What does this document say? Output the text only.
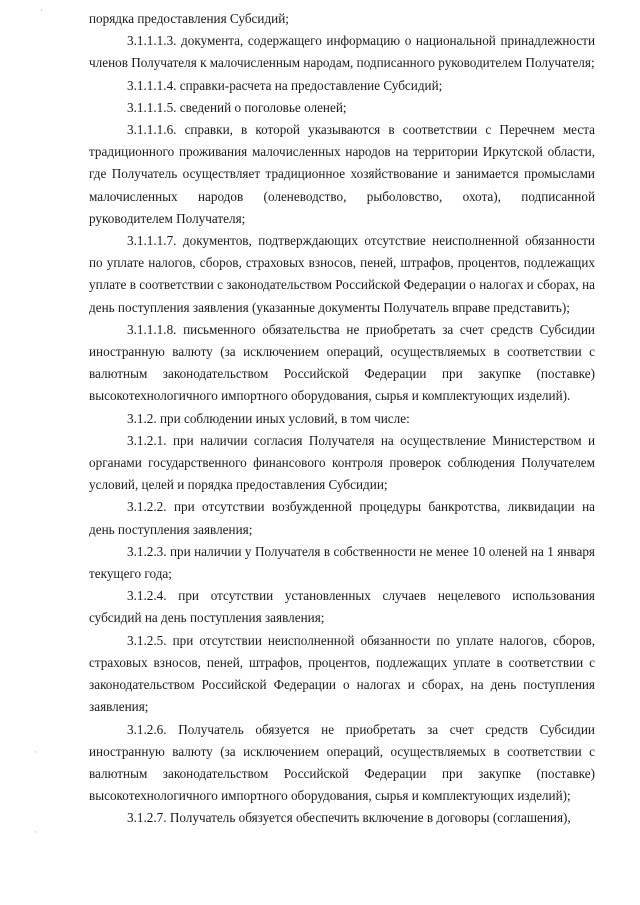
·
·
·

порядка предоставления Субсидий;

3.1.1.1.3. документа, содержащего информацию о национальной принадлежности членов Получателя к малочисленным народам, подписанного руководителем Получателя;

3.1.1.1.4. справки-расчета на предоставление Субсидий;

3.1.1.1.5. сведений о поголовье оленей;

3.1.1.1.6. справки, в которой указываются в соответствии с Перечнем места традиционного проживания малочисленных народов на территории Иркутской области, где Получатель осуществляет традиционное хозяйствование и занимается промыслами малочисленных народов (оленеводство, рыболовство, охота), подписанной руководителем Получателя;

3.1.1.1.7. документов, подтверждающих отсутствие неисполненной обязанности по уплате налогов, сборов, страховых взносов, пеней, штрафов, процентов, подлежащих уплате в соответствии с законодательством Российской Федерации о налогах и сборах, на день поступления заявления (указанные документы Получатель вправе представить);

3.1.1.1.8. письменного обязательства не приобретать за счет средств Субсидии иностранную валюту (за исключением операций, осуществляемых в соответствии с валютным законодательством Российской Федерации при закупке (поставке) высокотехнологичного импортного оборудования, сырья и комплектующих изделий).

3.1.2. при соблюдении иных условий, в том числе:

3.1.2.1. при наличии согласия Получателя на осуществление Министерством и органами государственного финансового контроля проверок соблюдения Получателем условий, целей и порядка предоставления Субсидии;

3.1.2.2. при отсутствии возбужденной процедуры банкротства, ликвидации на день поступления заявления;

3.1.2.3. при наличии у Получателя в собственности не менее 10 оленей на 1 января текущего года;

3.1.2.4. при отсутствии установленных случаев нецелевого использования субсидий на день поступления заявления;

3.1.2.5. при отсутствии неисполненной обязанности по уплате налогов, сборов, страховых взносов, пеней, штрафов, процентов, подлежащих уплате в соответствии с законодательством Российской Федерации о налогах и сборах, на день поступления заявления;

3.1.2.6. Получатель обязуется не приобретать за счет средств Субсидии иностранную валюту (за исключением операций, осуществляемых в соответствии с валютным законодательством Российской Федерации при закупке (поставке) высокотехнологичного импортного оборудования, сырья и комплектующих изделий);

3.1.2.7. Получатель обязуется обеспечить включение в договоры (соглашения),
